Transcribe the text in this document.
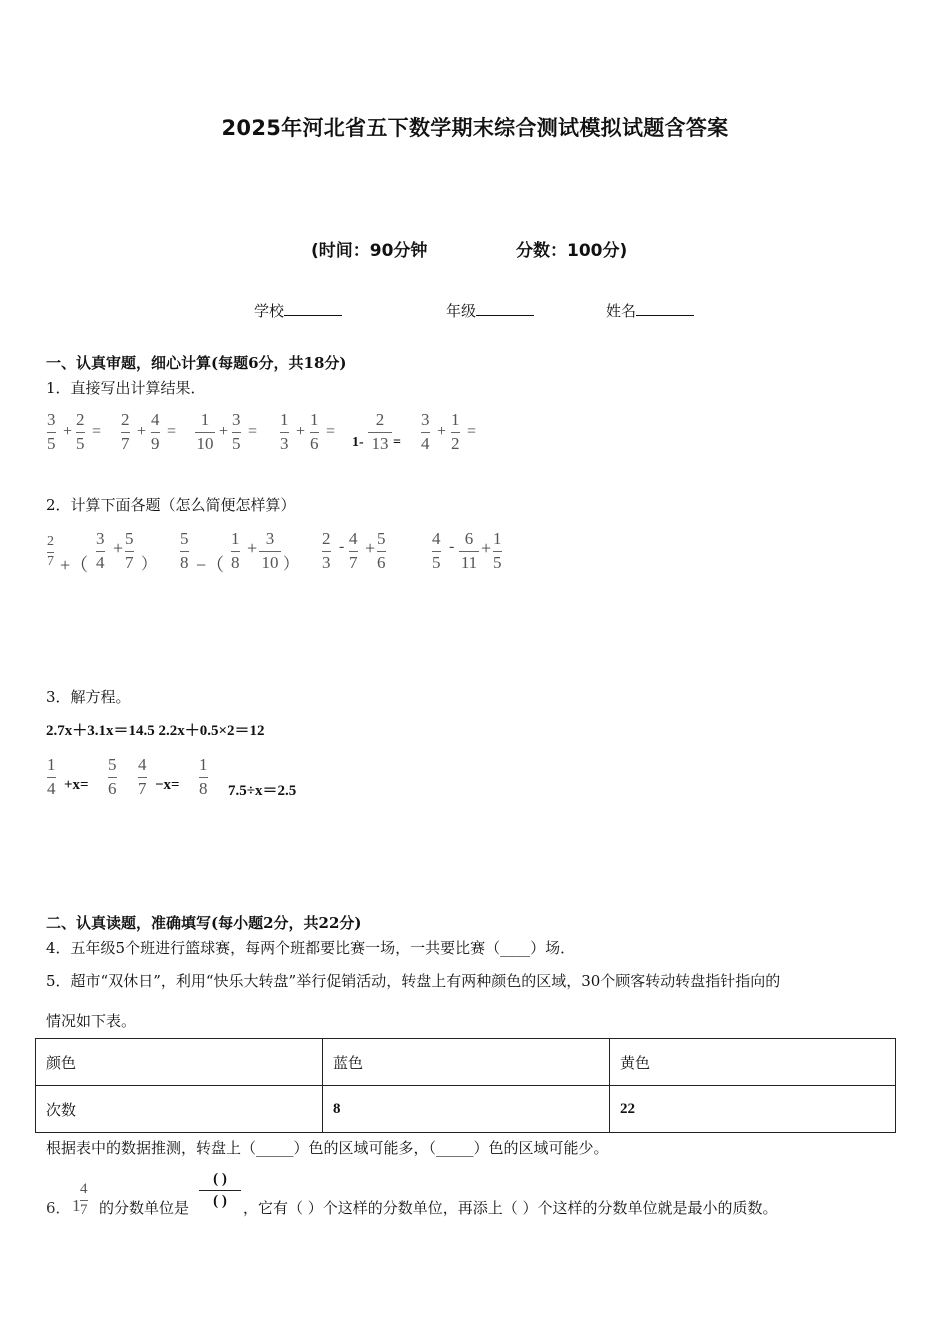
2025年河北省五下数学期末综合测试模拟试题含答案
(时间：90分钟	分数：100分)
学校	年级	姓名
一、认真审题，细心计算(每题6分，共18分)
1．直接写出计算结果．
3
5
+
2
5
=
2
7
+
4
9
=
1
10
+
3
5
=
1
3
+
1
6
=
1-
2
13 =
3
4
+
1
2
=
2．计算下面各题（怎么简便怎样算）
2
7 +（
3
4
+ 5
7 ）
5
8 −（
1
8
+ 3
10 ）
2
3
- 4
7
+ 5
6
4
5
- 6
11
+ 1
5
3．解方程。
2.7x＋3.1x＝14.5 2.2x＋0.5×2＝12
1
4 +x=
5
6
4
7 −x=
1
8 7.5÷x＝2.5
二、认真读题，准确填写(每小题2分，共22分)
4．五年级5个班进行篮球赛，每两个班都要比赛一场，一共要比赛（____）场．
5．超市“双休日”，利用“快乐大转盘”举行促销活动，转盘上有两种颜色的区域，30个顾客转动转盘指针指向的
情况如下表。
颜色	蓝色	黄色
次数	8	22
根据表中的数据推测，转盘上（_____）色的区域可能多，（_____）色的区域可能少。
6． 1
4
7 的分数单位是
( )
( )	，它有（ ）个这样的分数单位，再添上（ ）个这样的分数单位就是最小的质数。
